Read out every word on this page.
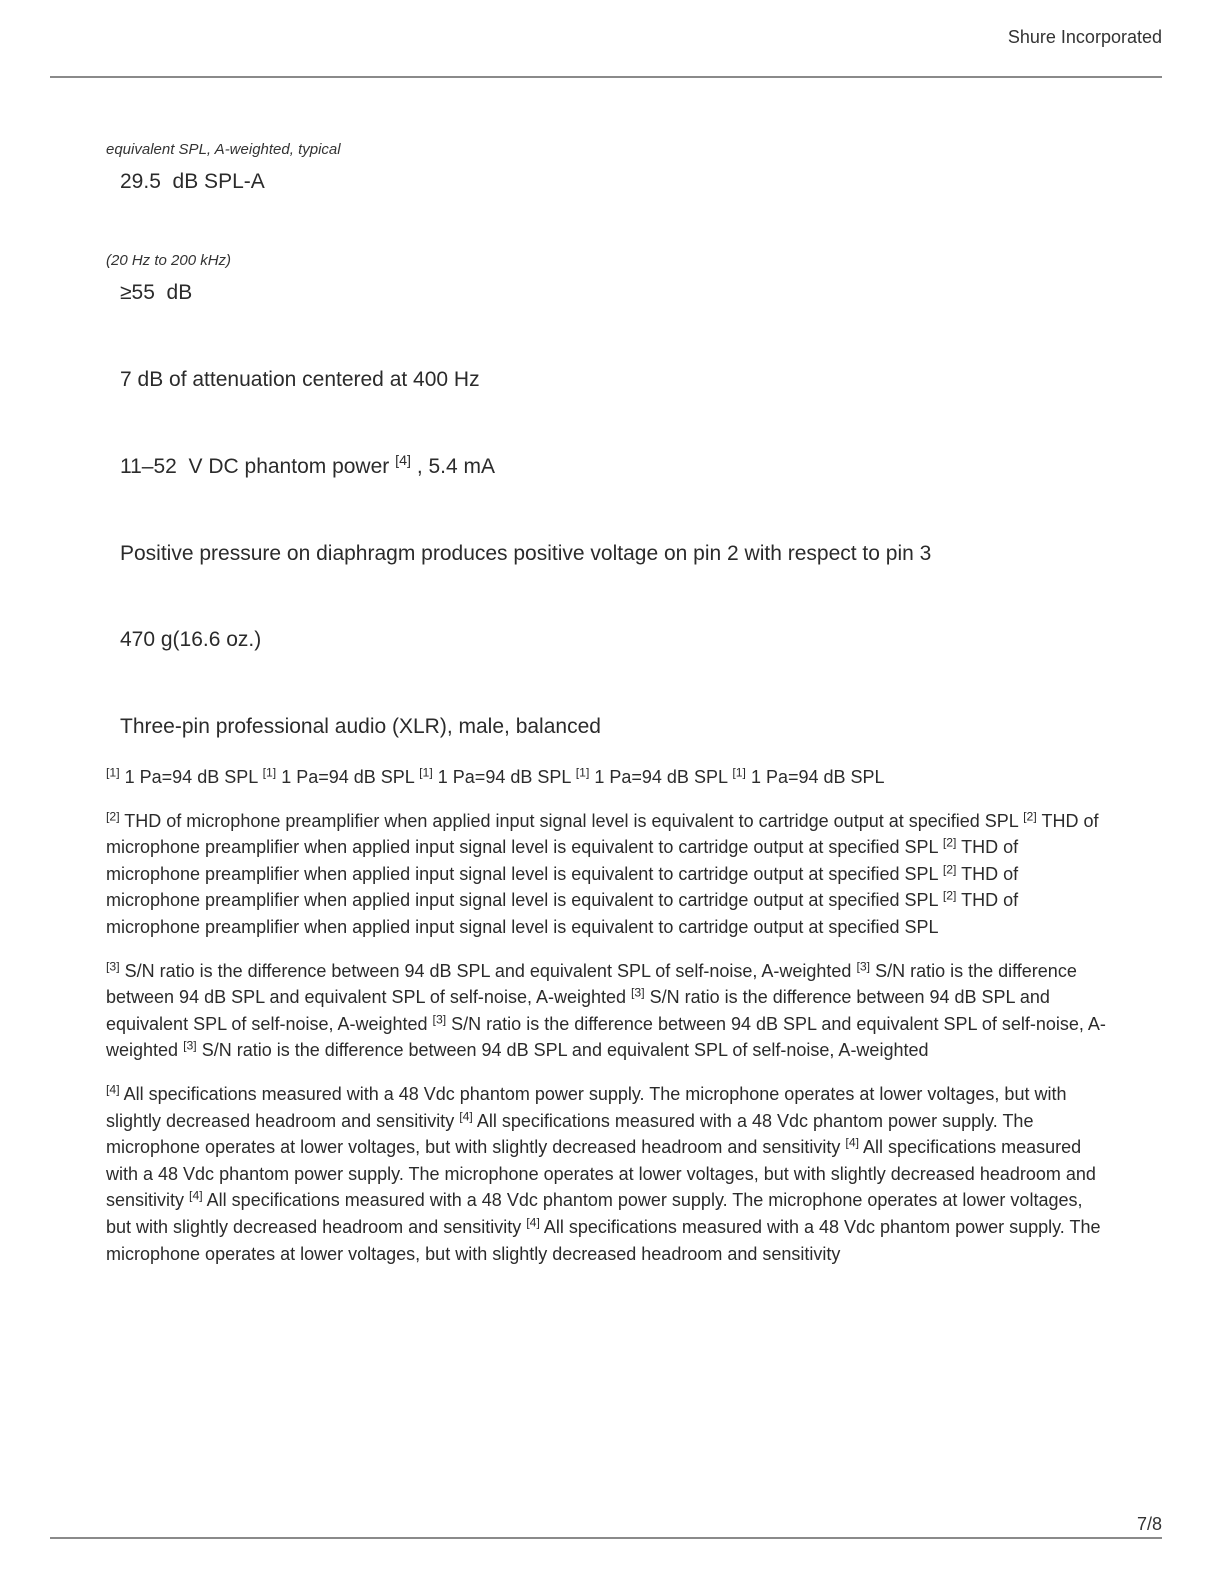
Shure Incorporated
equivalent SPL, A-weighted, typical
29.5  dB SPL-A
(20 Hz to 200 kHz)
≥55  dB
7 dB of attenuation centered at 400 Hz
11–52  V DC phantom power [4] , 5.4 mA
Positive pressure on diaphragm produces positive voltage on pin 2 with respect to pin 3
470 g(16.6 oz.)
Three-pin professional audio (XLR), male, balanced

[1] 1 Pa=94 dB SPL [1] 1 Pa=94 dB SPL [1] 1 Pa=94 dB SPL [1] 1 Pa=94 dB SPL [1] 1 Pa=94 dB SPL

[2] THD of microphone preamplifier when applied input signal level is equivalent to cartridge output at specified SPL [2] THD of microphone preamplifier when applied input signal level is equivalent to cartridge output at specified SPL [2] THD of microphone preamplifier when applied input signal level is equivalent to cartridge output at specified SPL [2] THD of microphone preamplifier when applied input signal level is equivalent to cartridge output at specified SPL [2] THD of microphone preamplifier when applied input signal level is equivalent to cartridge output at specified SPL

[3] S/N ratio is the difference between 94 dB SPL and equivalent SPL of self-noise, A-weighted [3] S/N ratio is the difference between 94 dB SPL and equivalent SPL of self-noise, A-weighted [3] S/N ratio is the difference between 94 dB SPL and equivalent SPL of self-noise, A-weighted [3] S/N ratio is the difference between 94 dB SPL and equivalent SPL of self-noise, A-weighted [3] S/N ratio is the difference between 94 dB SPL and equivalent SPL of self-noise, A-weighted

[4] All specifications measured with a 48 Vdc phantom power supply. The microphone operates at lower voltages, but with slightly decreased headroom and sensitivity [4] All specifications measured with a 48 Vdc phantom power supply. The microphone operates at lower voltages, but with slightly decreased headroom and sensitivity [4] All specifications measured with a 48 Vdc phantom power supply. The microphone operates at lower voltages, but with slightly decreased headroom and sensitivity [4] All specifications measured with a 48 Vdc phantom power supply. The microphone operates at lower voltages, but with slightly decreased headroom and sensitivity [4] All specifications measured with a 48 Vdc phantom power supply. The microphone operates at lower voltages, but with slightly decreased headroom and sensitivity

7/8
